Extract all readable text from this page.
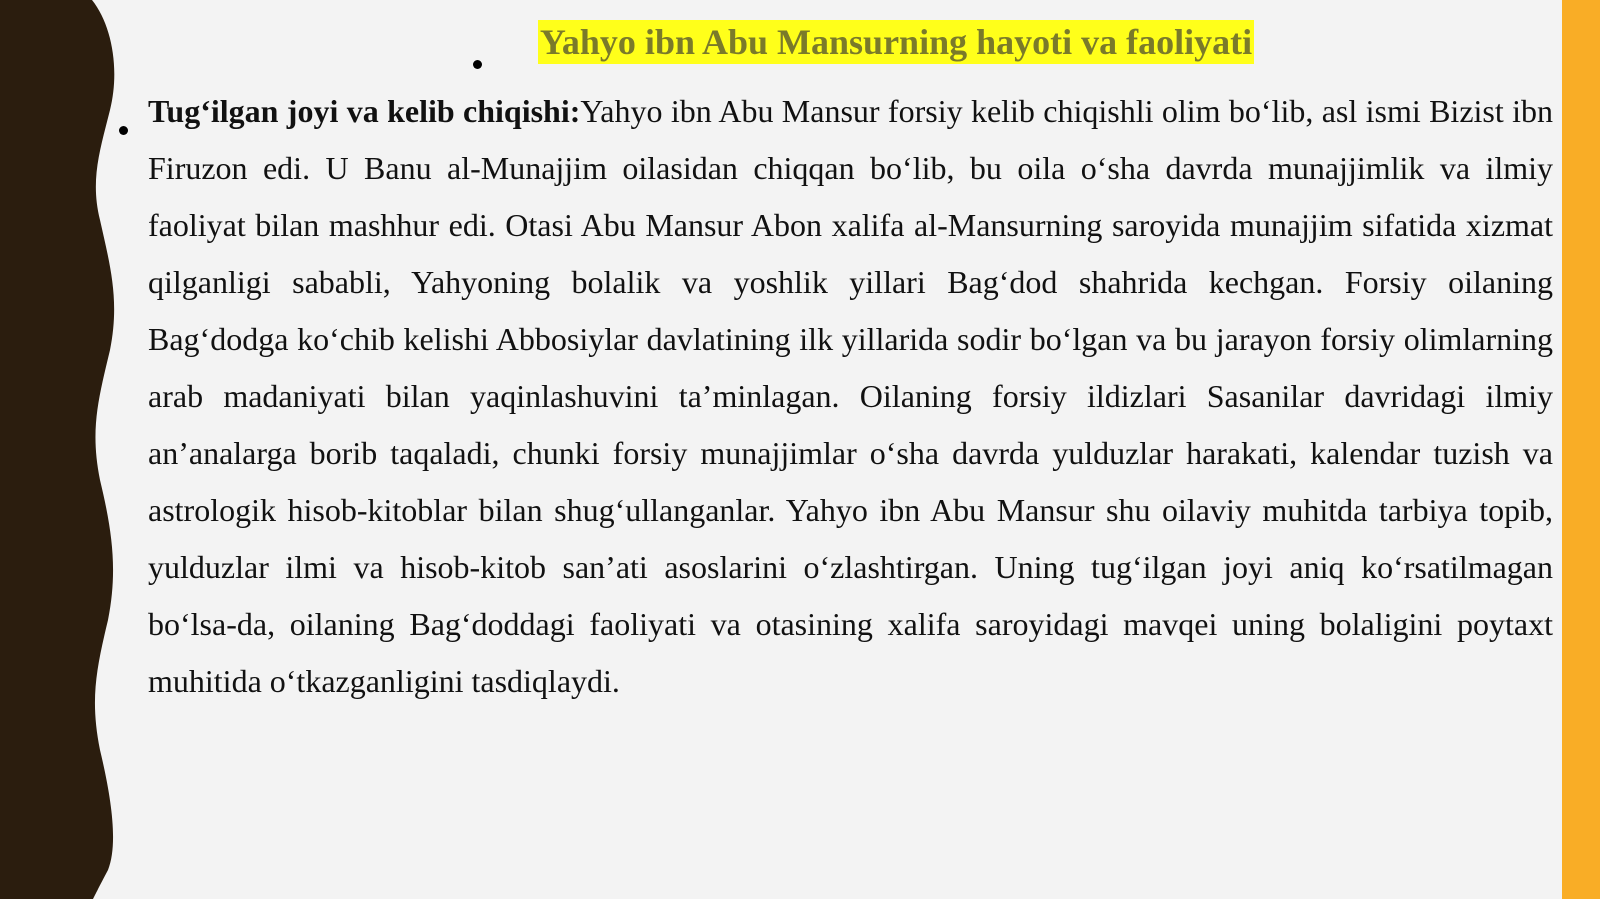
Yahyo ibn Abu Mansurning hayoti va faoliyati

Tug‘ilgan joyi va kelib chiqishi:Yahyo ibn Abu Mansur forsiy kelib chiqishli olim bo‘lib, asl ismi Bizist ibn Firuzon edi. U Banu al-Munajjim oilasidan chiqqan bo‘lib, bu oila o‘sha davrda munajjimlik va ilmiy faoliyat bilan mashhur edi. Otasi Abu Mansur Abon xalifa al-Mansurning saroyida munajjim sifatida xizmat qilganligi sababli, Yahyoning bolalik va yoshlik yillari Bag‘dod shahrida kechgan. Forsiy oilaning Bag‘dodga ko‘chib kelishi Abbosiylar davlatining ilk yillarida sodir bo‘lgan va bu jarayon forsiy olimlarning arab madaniyati bilan yaqinlashuvini ta’minlagan. Oilaning forsiy ildizlari Sasanilar davridagi ilmiy an’analarga borib taqaladi, chunki forsiy munajjimlar o‘sha davrda yulduzlar harakati, kalendar tuzish va astrologik hisob-kitoblar bilan shug‘ullanganlar. Yahyo ibn Abu Mansur shu oilaviy muhitda tarbiya topib, yulduzlar ilmi va hisob-kitob san’ati asoslarini o‘zlashtirgan. Uning tug‘ilgan joyi aniq ko‘rsatilmagan bo‘lsa-da, oilaning Bag‘doddagi faoliyati va otasining xalifa saroyidagi mavqei uning bolaligini poytaxt muhitida o‘tkazganligini tasdiqlaydi.
